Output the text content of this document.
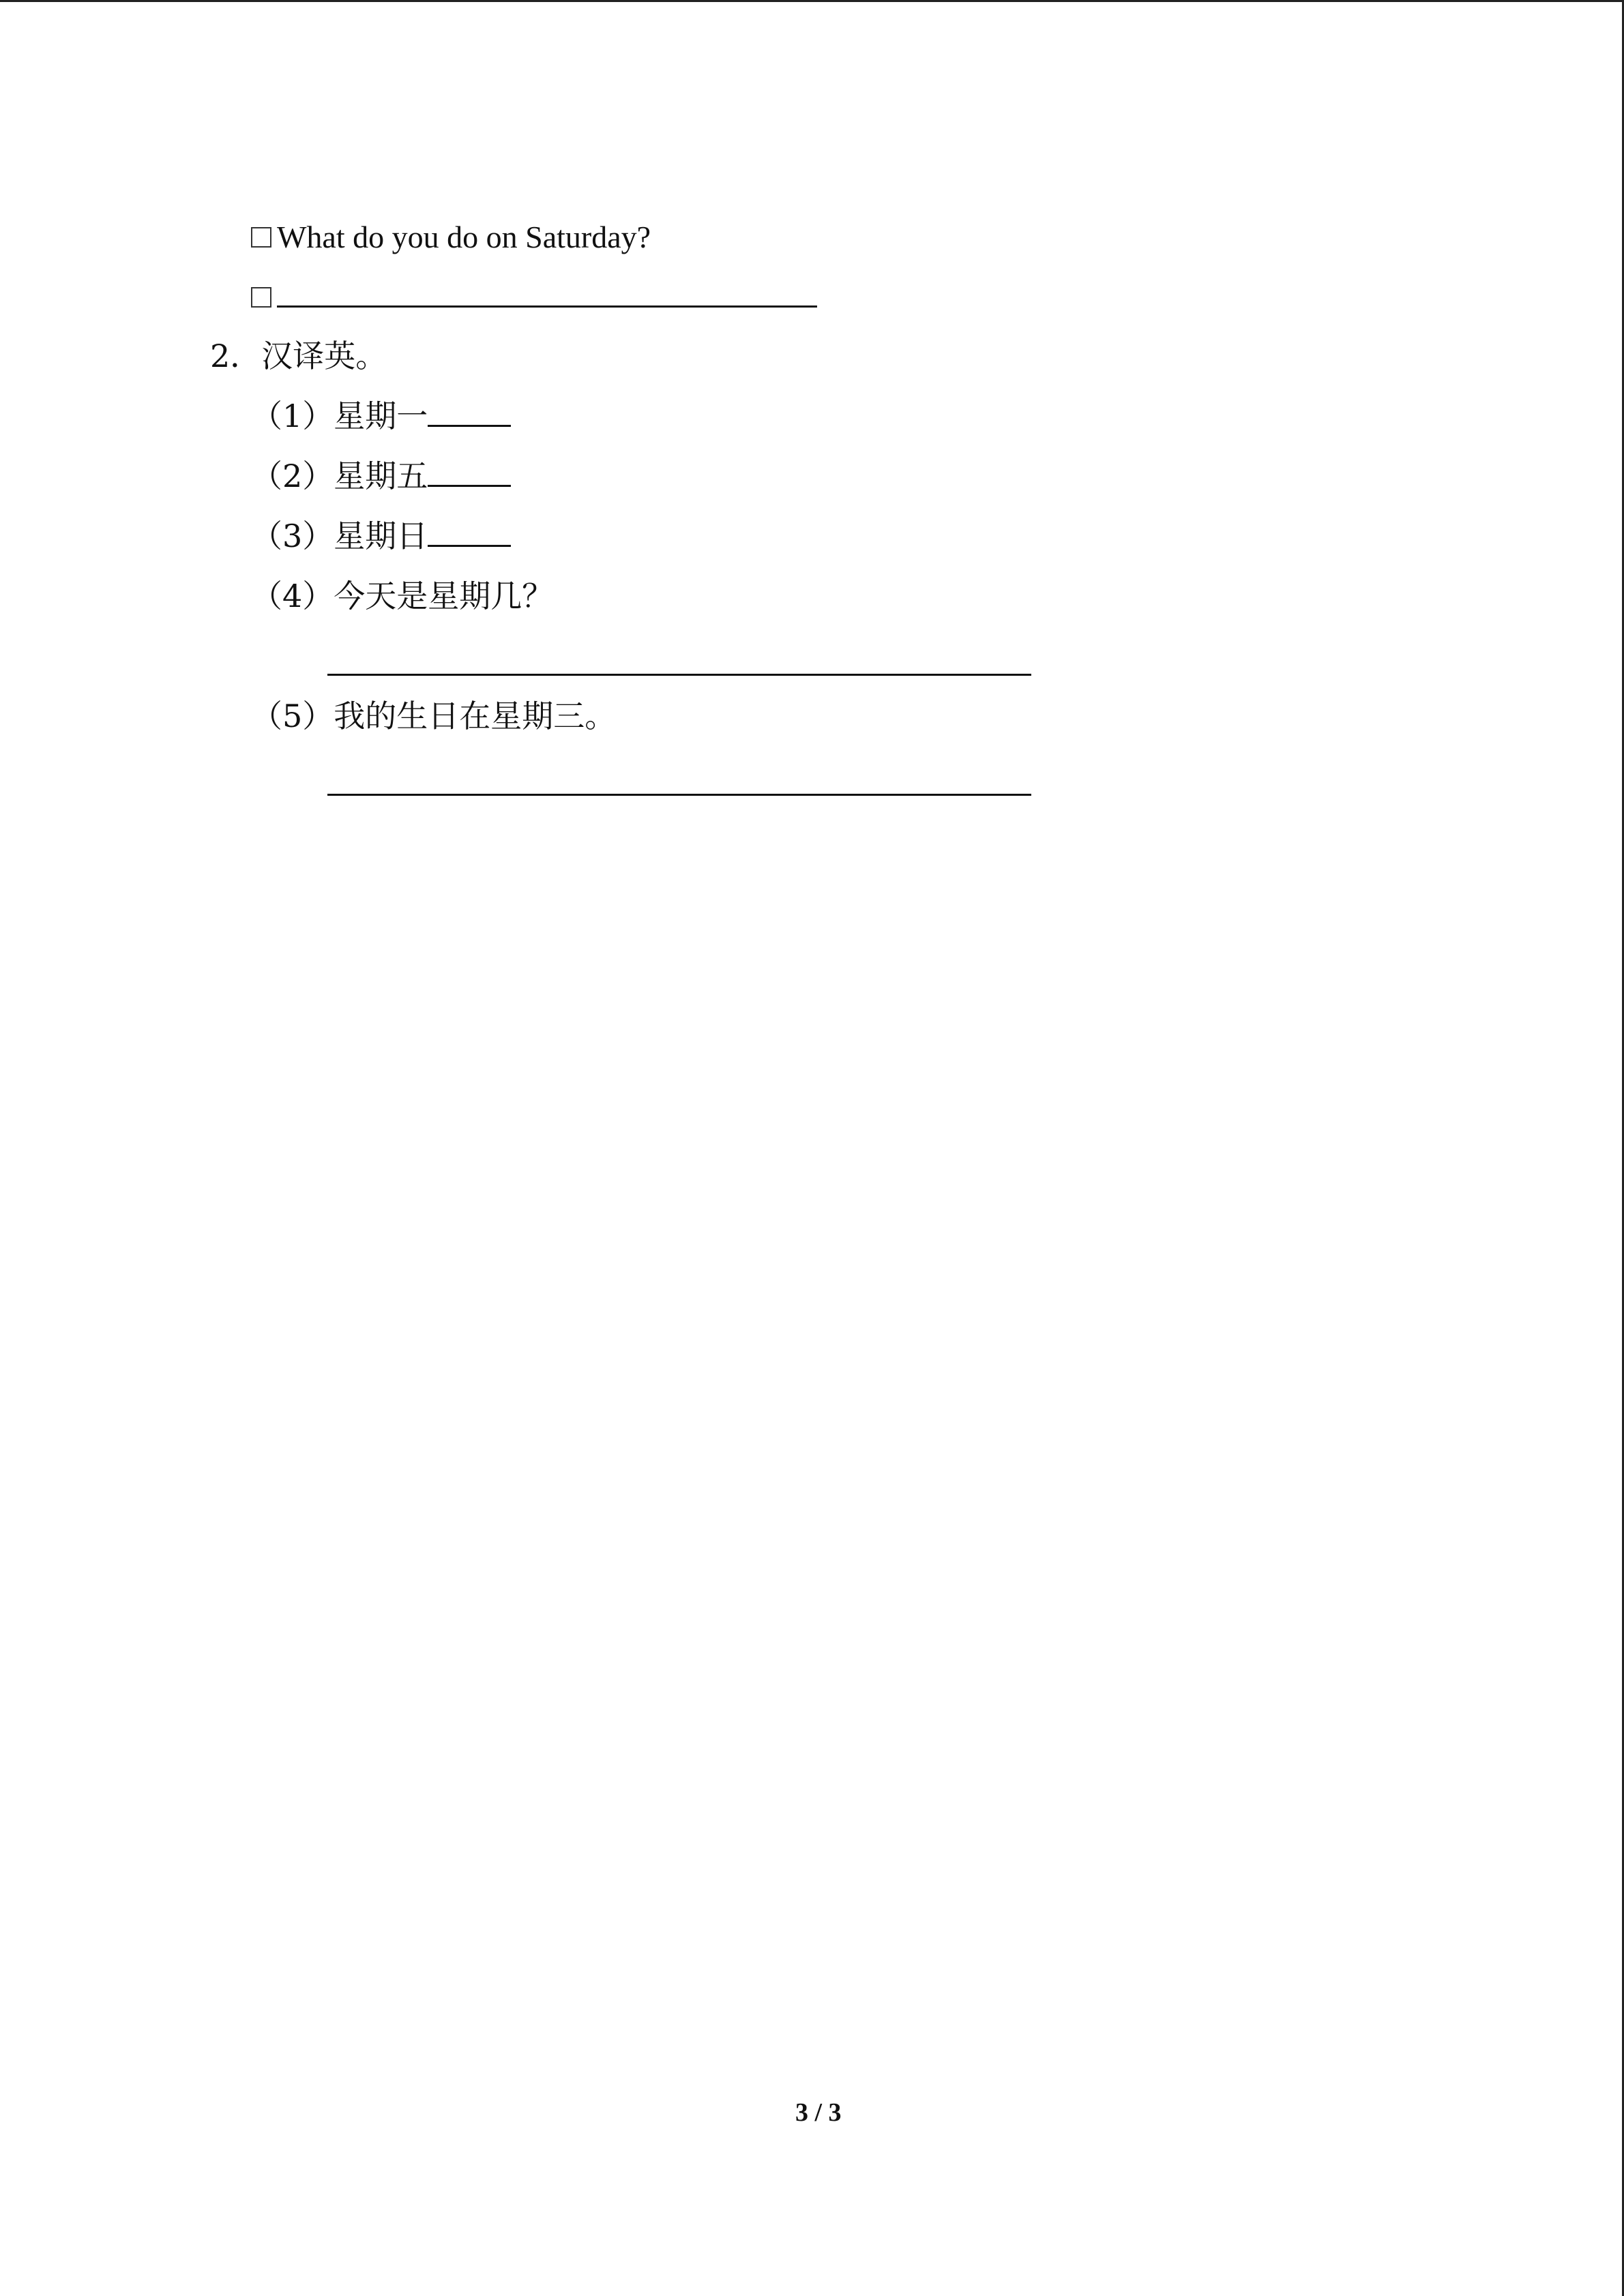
What do you do on Saturday?
2．汉译英。
（1）星期一
（2）星期五
（3）星期日
（4）今天是星期几？
（5）我的生日在星期三。
3 / 3
